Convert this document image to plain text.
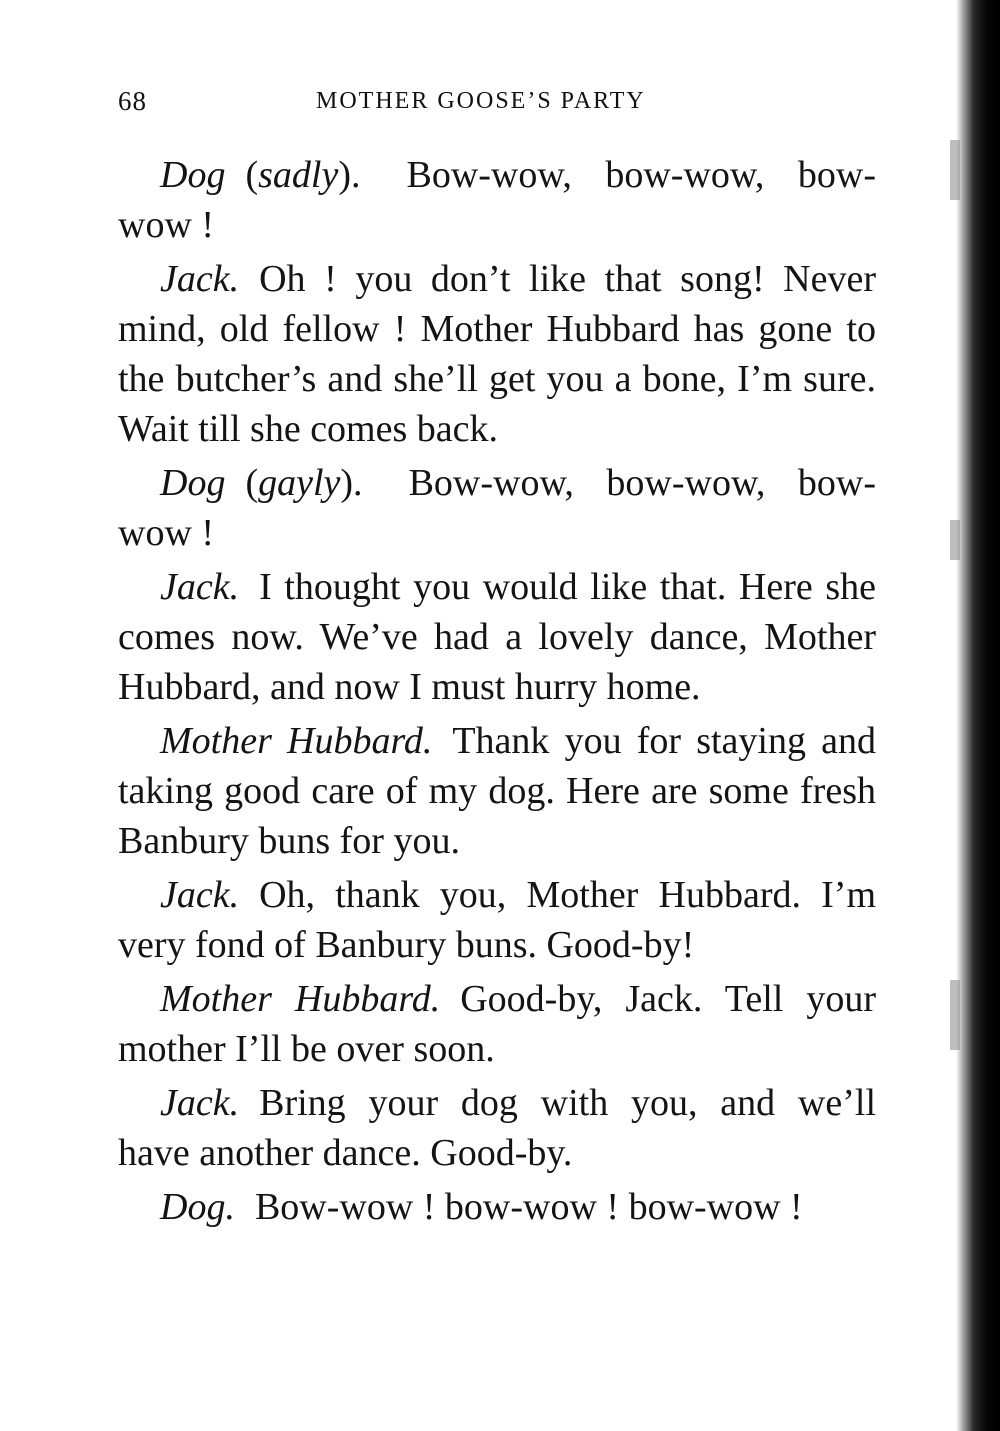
68	MOTHER GOOSE’S PARTY

Dog (sadly). Bow-wow, bow-wow, bow-wow !

Jack. Oh ! you don’t like that song! Never mind, old fellow ! Mother Hubbard has gone to the butcher’s and she’ll get you a bone, I’m sure. Wait till she comes back.

Dog (gayly). Bow-wow, bow-wow, bow-wow !

Jack. I thought you would like that. Here she comes now. We’ve had a lovely dance, Mother Hubbard, and now I must hurry home.

Mother Hubbard. Thank you for staying and taking good care of my dog. Here are some fresh Banbury buns for you.

Jack. Oh, thank you, Mother Hubbard. I’m very fond of Banbury buns. Good-by!

Mother Hubbard. Good-by, Jack. Tell your mother I’ll be over soon.

Jack. Bring your dog with you, and we’ll have another dance. Good-by.

Dog. Bow-wow ! bow-wow ! bow-wow !
